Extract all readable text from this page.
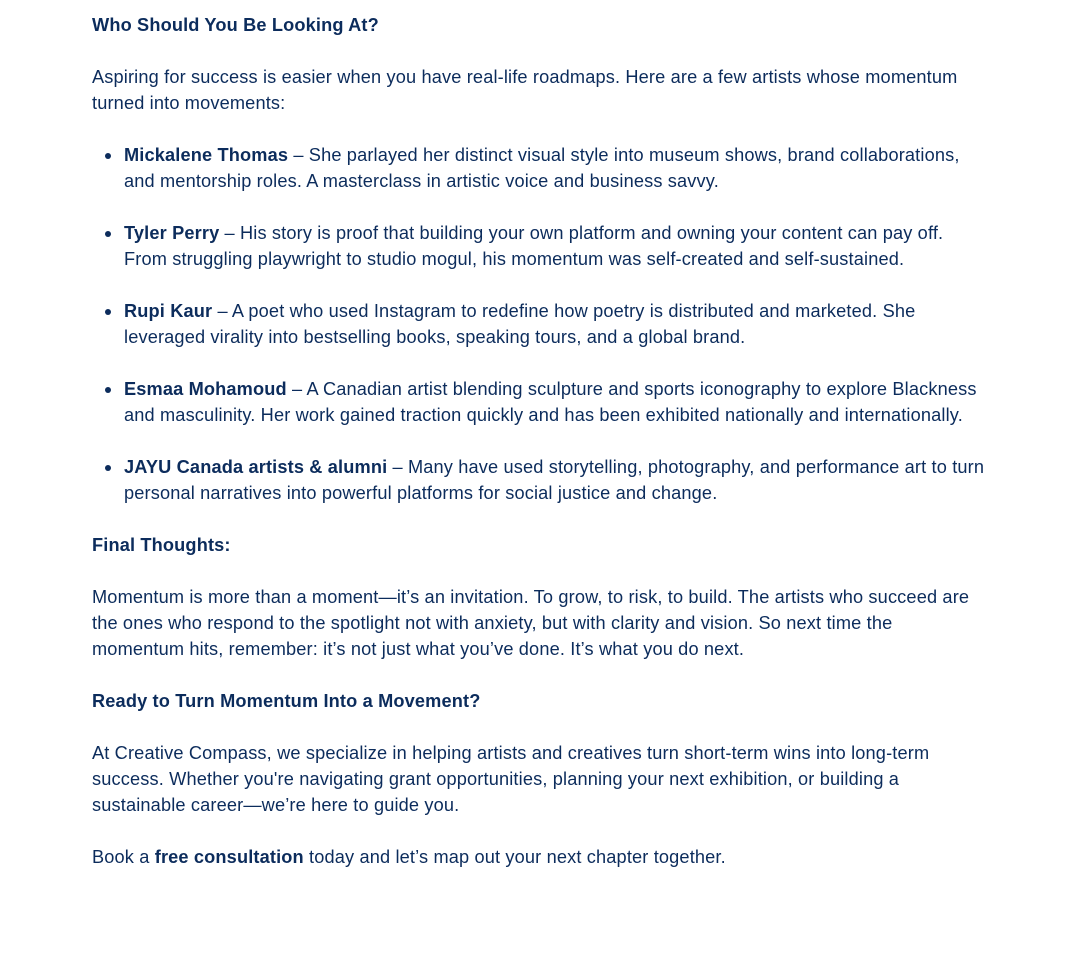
Who Should You Be Looking At?

Aspiring for success is easier when you have real-life roadmaps. Here are a few artists whose momentum turned into movements:

Mickalene Thomas – She parlayed her distinct visual style into museum shows, brand collaborations, and mentorship roles. A masterclass in artistic voice and business savvy.
Tyler Perry – His story is proof that building your own platform and owning your content can pay off. From struggling playwright to studio mogul, his momentum was self-created and self-sustained.
Rupi Kaur – A poet who used Instagram to redefine how poetry is distributed and marketed. She leveraged virality into bestselling books, speaking tours, and a global brand.
Esmaa Mohamoud – A Canadian artist blending sculpture and sports iconography to explore Blackness and masculinity. Her work gained traction quickly and has been exhibited nationally and internationally.
JAYU Canada artists & alumni – Many have used storytelling, photography, and performance art to turn personal narratives into powerful platforms for social justice and change.
Final Thoughts:

Momentum is more than a moment—it’s an invitation. To grow, to risk, to build. The artists who succeed are the ones who respond to the spotlight not with anxiety, but with clarity and vision. So next time the momentum hits, remember: it’s not just what you’ve done. It’s what you do next.

Ready to Turn Momentum Into a Movement?

At Creative Compass, we specialize in helping artists and creatives turn short-term wins into long-term success. Whether you're navigating grant opportunities, planning your next exhibition, or building a sustainable career—we’re here to guide you.

Book a free consultation today and let’s map out your next chapter together.
